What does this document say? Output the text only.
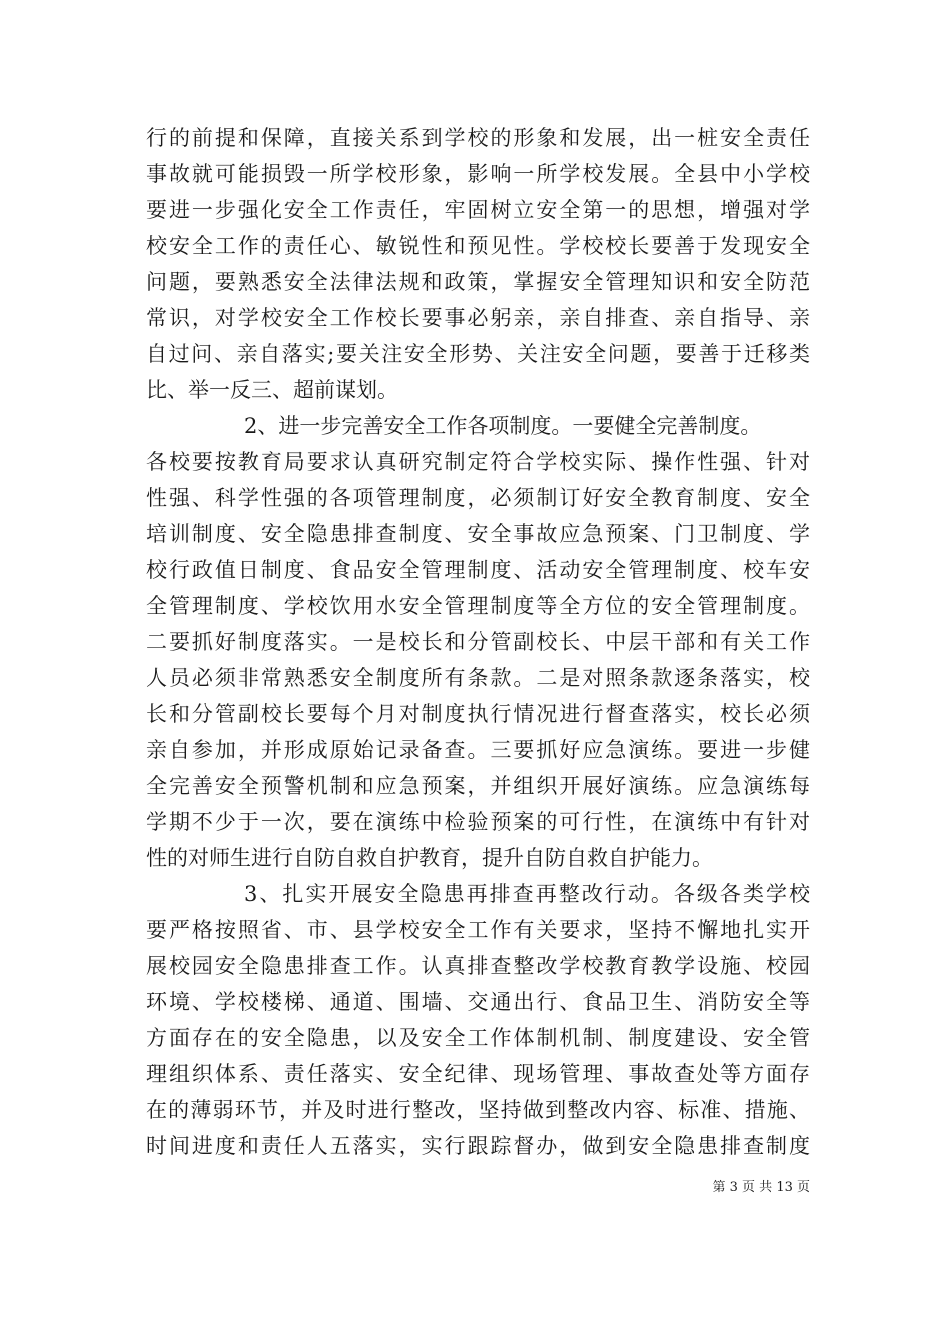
行的前提和保障，直接关系到学校的形象和发展，出一桩安全责任
事故就可能损毁一所学校形象，影响一所学校发展。全县中小学校
要进一步强化安全工作责任，牢固树立安全第一的思想，增强对学
校安全工作的责任心、敏锐性和预见性。学校校长要善于发现安全
问题，要熟悉安全法律法规和政策，掌握安全管理知识和安全防范
常识，对学校安全工作校长要事必躬亲，亲自排查、亲自指导、亲
自过问、亲自落实;要关注安全形势、关注安全问题，要善于迁移类
比、举一反三、超前谋划。
2、进一步完善安全工作各项制度。一要健全完善制度。
各校要按教育局要求认真研究制定符合学校实际、操作性强、针对
性强、科学性强的各项管理制度，必须制订好安全教育制度、安全
培训制度、安全隐患排查制度、安全事故应急预案、门卫制度、学
校行政值日制度、食品安全管理制度、活动安全管理制度、校车安
全管理制度、学校饮用水安全管理制度等全方位的安全管理制度。
二要抓好制度落实。一是校长和分管副校长、中层干部和有关工作
人员必须非常熟悉安全制度所有条款。二是对照条款逐条落实，校
长和分管副校长要每个月对制度执行情况进行督查落实，校长必须
亲自参加，并形成原始记录备查。三要抓好应急演练。要进一步健
全完善安全预警机制和应急预案，并组织开展好演练。应急演练每
学期不少于一次，要在演练中检验预案的可行性，在演练中有针对
性的对师生进行自防自救自护教育，提升自防自救自护能力。
3、扎实开展安全隐患再排查再整改行动。各级各类学校
要严格按照省、市、县学校安全工作有关要求，坚持不懈地扎实开
展校园安全隐患排查工作。认真排查整改学校教育教学设施、校园
环境、学校楼梯、通道、围墙、交通出行、食品卫生、消防安全等
方面存在的安全隐患，以及安全工作体制机制、制度建设、安全管
理组织体系、责任落实、安全纪律、现场管理、事故查处等方面存
在的薄弱环节，并及时进行整改，坚持做到整改内容、标准、措施、
时间进度和责任人五落实，实行跟踪督办，做到安全隐患排查制度
第 3 页 共 13 页
